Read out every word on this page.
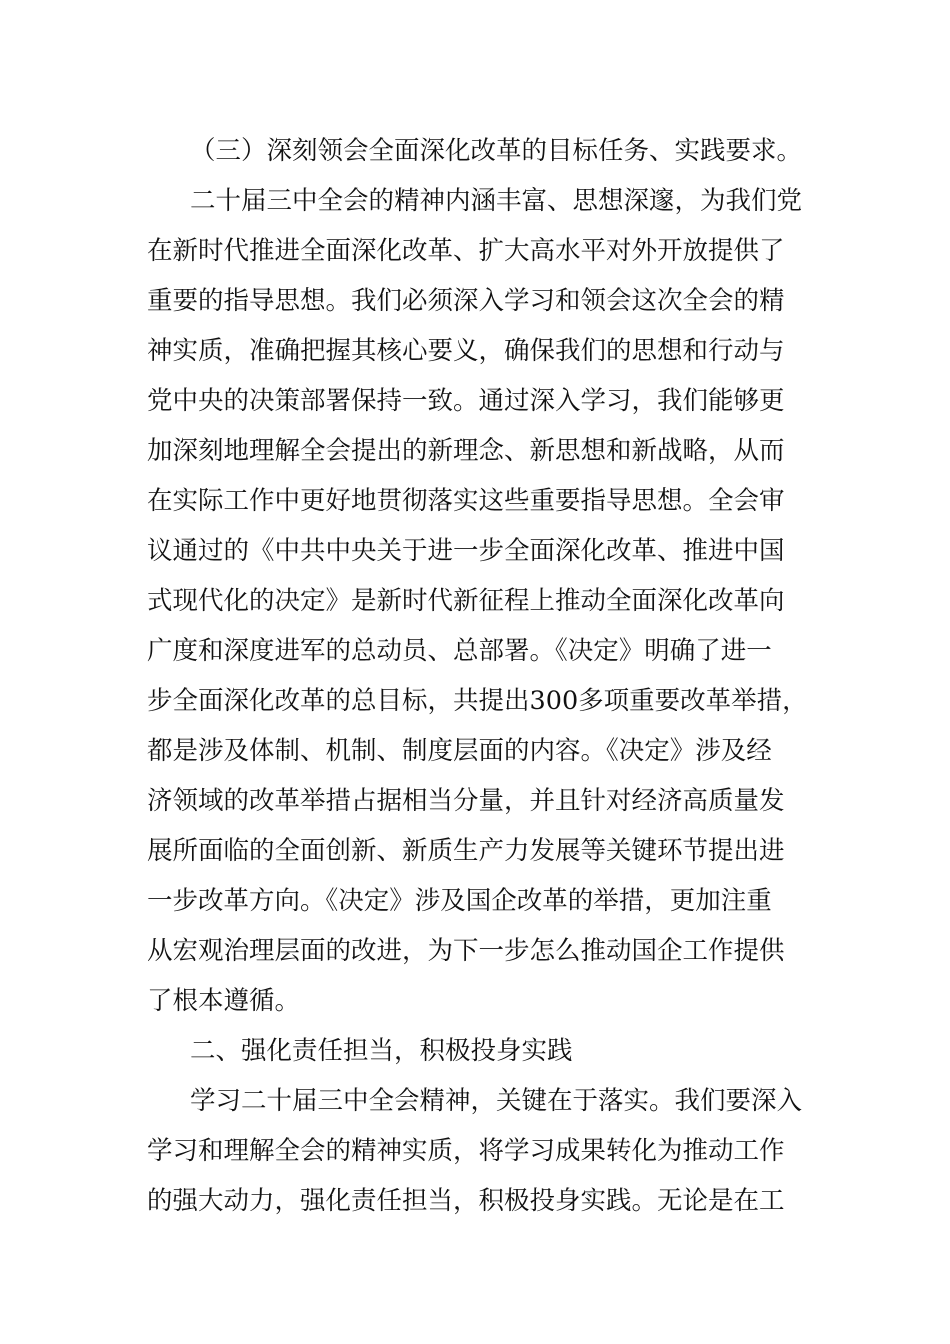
（三）深刻领会全面深化改革的目标任务、实践要求。
二十届三中全会的精神内涵丰富、思想深邃，为我们党
在新时代推进全面深化改革、扩大高水平对外开放提供了
重要的指导思想。我们必须深入学习和领会这次全会的精
神实质，准确把握其核心要义，确保我们的思想和行动与
党中央的决策部署保持一致。通过深入学习，我们能够更
加深刻地理解全会提出的新理念、新思想和新战略，从而
在实际工作中更好地贯彻落实这些重要指导思想。全会审
议通过的《中共中央关于进一步全面深化改革、推进中国
式现代化的决定》是新时代新征程上推动全面深化改革向
广度和深度进军的总动员、总部署。《决定》明确了进一
步全面深化改革的总目标，共提出300多项重要改革举措，
都是涉及体制、机制、制度层面的内容。《决定》涉及经
济领域的改革举措占据相当分量，并且针对经济高质量发
展所面临的全面创新、新质生产力发展等关键环节提出进
一步改革方向。《决定》涉及国企改革的举措，更加注重
从宏观治理层面的改进，为下一步怎么推动国企工作提供
了根本遵循。
二、强化责任担当，积极投身实践
学习二十届三中全会精神，关键在于落实。我们要深入
学习和理解全会的精神实质，将学习成果转化为推动工作
的强大动力，强化责任担当，积极投身实践。无论是在工
